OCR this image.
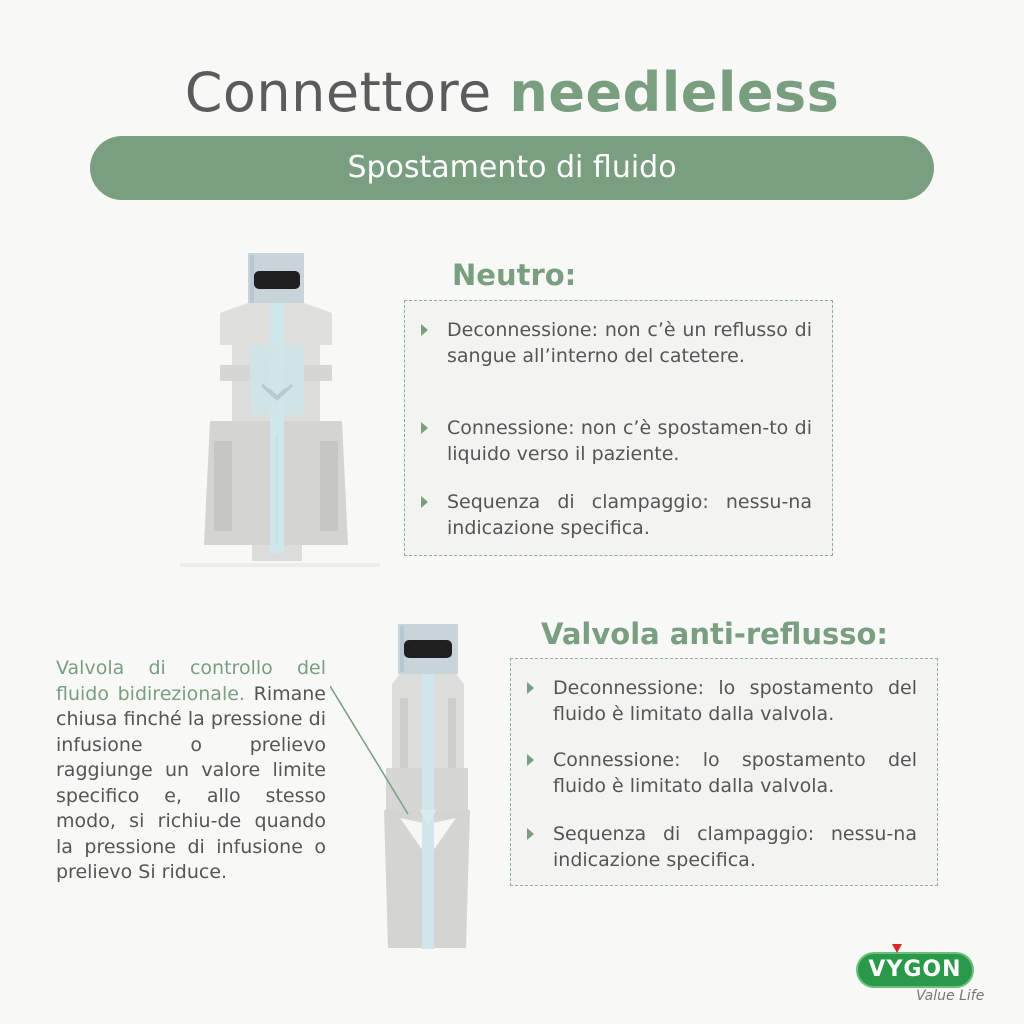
Connettore needleless
Spostamento di fluido
Neutro:
Deconnessione: non c’è un reflusso di sangue all’interno del catetere.
Connessione: non c’è spostamen-to di liquido verso il paziente.
Sequenza di clampaggio: nessu-na indicazione specifica.
Valvola di controllo del fluido bidirezionale. Rimane chiusa finché la pressione di infusione o prelievo raggiunge un valore limite specifico e, allo stesso modo, si richiu-de quando la pressione di infusione o prelievo Si riduce.
Valvola anti-reflusso:
Deconnessione: lo spostamento del fluido è limitato dalla valvola.
Connessione: lo spostamento del fluido è limitato dalla valvola.
Sequenza di clampaggio: nessu-na indicazione specifica.
VYGON
Value Life
